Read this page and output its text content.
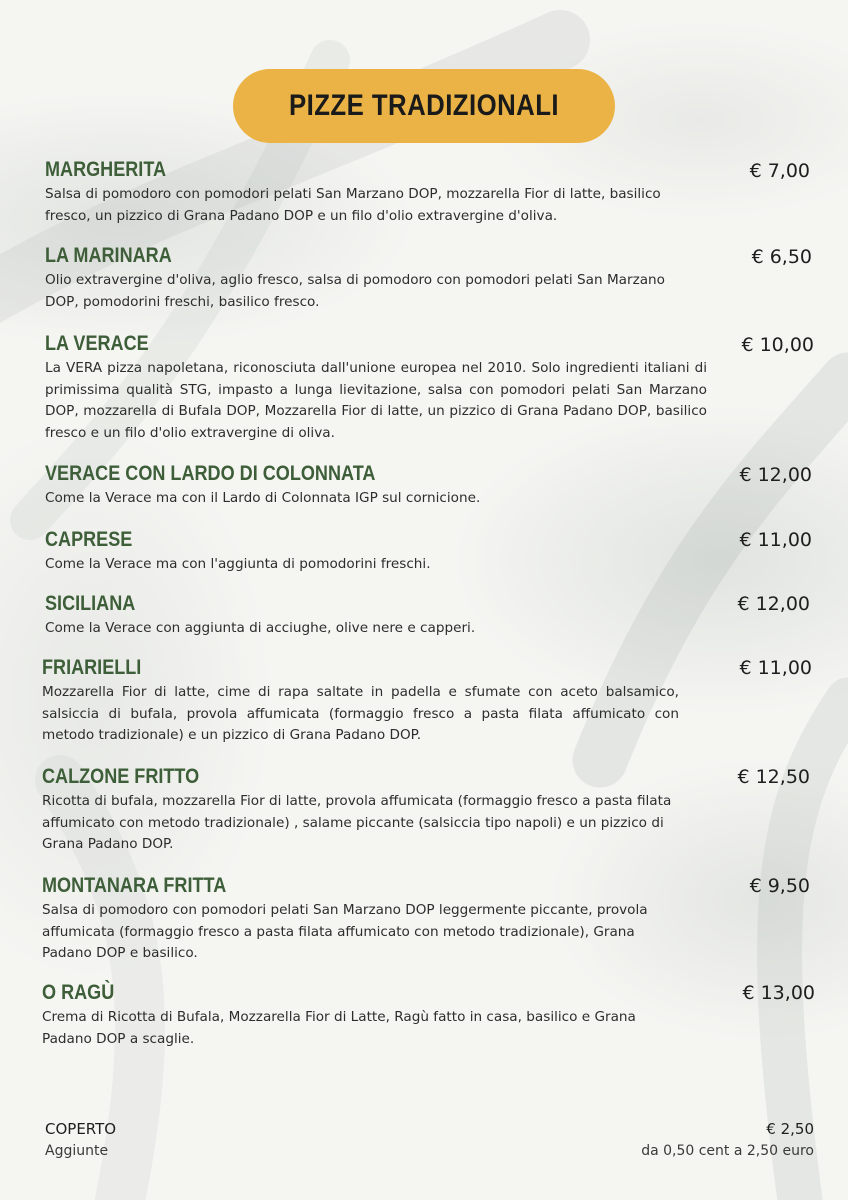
PIZZE TRADIZIONALI
MARGHERITA
Salsa di pomodoro con pomodori pelati San Marzano DOP, mozzarella Fior di latte, basilico fresco, un pizzico di Grana Padano DOP e un filo d'olio extravergine d'oliva.
€ 7,00
LA MARINARA
Olio extravergine d'oliva, aglio fresco, salsa di pomodoro con pomodori pelati San Marzano DOP, pomodorini freschi, basilico fresco.
€ 6,50
LA VERACE
La VERA pizza napoletana, riconosciuta dall'unione europea nel 2010. Solo ingredienti italiani di primissima qualità STG, impasto a lunga lievitazione, salsa con pomodori pelati San Marzano DOP, mozzarella di Bufala DOP, Mozzarella Fior di latte, un pizzico di Grana Padano DOP, basilico fresco e un filo d'olio extravergine di oliva.
€ 10,00
VERACE CON LARDO DI COLONNATA
Come la Verace ma con il Lardo di Colonnata IGP sul cornicione.
€ 12,00
CAPRESE
Come la Verace ma con l'aggiunta di pomodorini freschi.
€ 11,00
SICILIANA
Come la Verace con aggiunta di acciughe, olive nere e capperi.
€ 12,00
FRIARIELLI
Mozzarella Fior di latte, cime di rapa saltate in padella e sfumate con aceto balsamico, salsiccia di bufala, provola affumicata (formaggio fresco a pasta filata affumicato con metodo tradizionale) e un pizzico di Grana Padano DOP.
€ 11,00
CALZONE FRITTO
Ricotta di bufala, mozzarella Fior di latte, provola affumicata (formaggio fresco a pasta filata affumicato con metodo tradizionale) , salame piccante (salsiccia tipo napoli) e un pizzico di Grana Padano DOP.
€ 12,50
MONTANARA FRITTA
Salsa di pomodoro con pomodori pelati San Marzano DOP leggermente piccante, provola affumicata (formaggio fresco a pasta filata affumicato con metodo tradizionale), Grana Padano DOP e basilico.
€ 9,50
O RAGÙ
Crema di Ricotta di Bufala, Mozzarella Fior di Latte, Ragù fatto in casa, basilico e Grana Padano DOP a scaglie.
€ 13,00
COPERTO
Aggiunte
€ 2,50
da 0,50 cent a 2,50 euro
